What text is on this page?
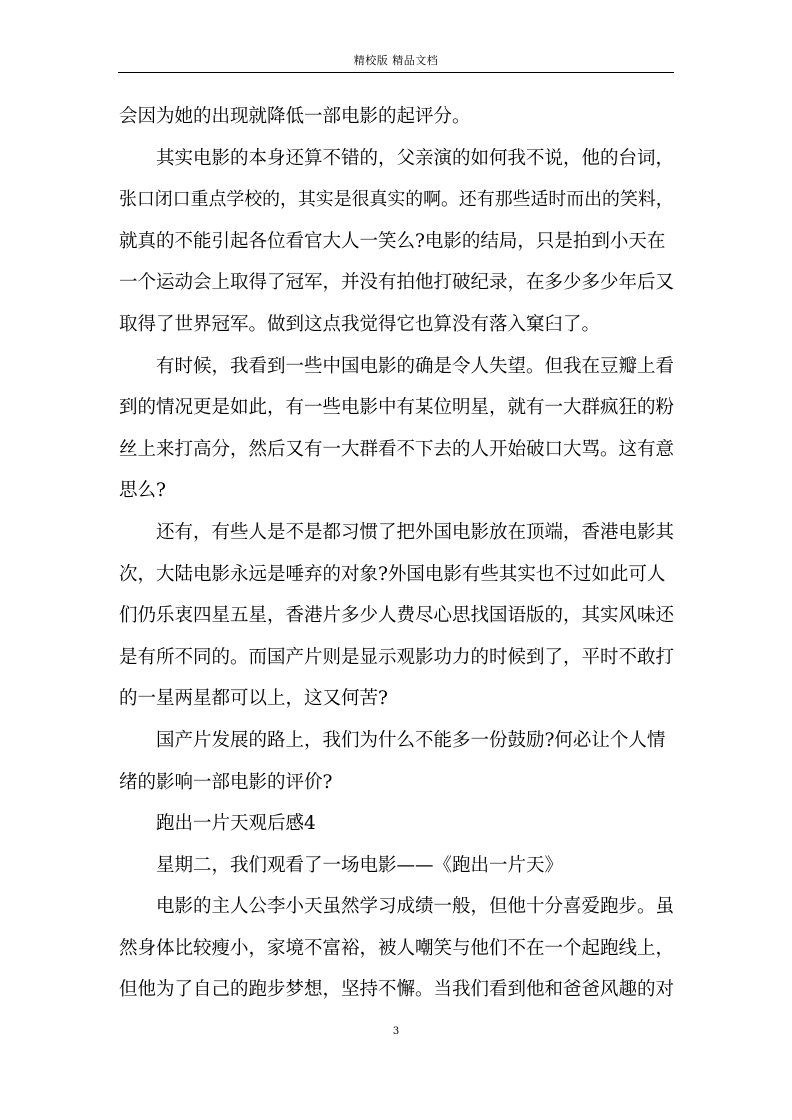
精校版 精品文档
会因为她的出现就降低一部电影的起评分。
其实电影的本身还算不错的，父亲演的如何我不说，他的台词，
张口闭口重点学校的，其实是很真实的啊。还有那些适时而出的笑料，
就真的不能引起各位看官大人一笑么?电影的结局，只是拍到小天在
一个运动会上取得了冠军，并没有拍他打破纪录，在多少多少年后又
取得了世界冠军。做到这点我觉得它也算没有落入窠臼了。
有时候，我看到一些中国电影的确是令人失望。但我在豆瓣上看
到的情况更是如此，有一些电影中有某位明星，就有一大群疯狂的粉
丝上来打高分，然后又有一大群看不下去的人开始破口大骂。这有意
思么?
还有，有些人是不是都习惯了把外国电影放在顶端，香港电影其
次，大陆电影永远是唾弃的对象?外国电影有些其实也不过如此可人
们仍乐衷四星五星，香港片多少人费尽心思找国语版的，其实风味还
是有所不同的。而国产片则是显示观影功力的时候到了，平时不敢打
的一星两星都可以上，这又何苦?
国产片发展的路上，我们为什么不能多一份鼓励?何必让个人情
绪的影响一部电影的评价?
跑出一片天观后感4
星期二，我们观看了一场电影——《跑出一片天》
电影的主人公李小天虽然学习成绩一般，但他十分喜爱跑步。虽
然身体比较瘦小，家境不富裕，被人嘲笑与他们不在一个起跑线上，
但他为了自己的跑步梦想，坚持不懈。当我们看到他和爸爸风趣的对
3
